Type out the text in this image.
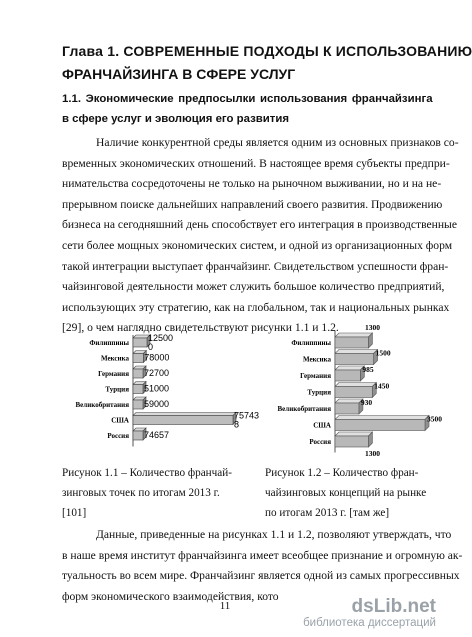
Глава 1. СОВРЕМЕННЫЕ ПОДХОДЫ К ИСПОЛЬЗОВАНИЮ
ФРАНЧАЙЗИНГА В СФЕРЕ УСЛУГ
1.1. Экономические предпосылки использования франчайзинга
в сфере услуг и эволюция его развития
Наличие конкурентной среды является одним из основных признаков со-
временных экономических отношений. В настоящее время субъекты предпри-
нимательства сосредоточены не только на рыночном выживании, но и на не-
прерывном поиске дальнейших направлений своего развития. Продвижению
бизнеса на сегодняшний день способствует его интеграция в производственные
сети более мощных экономических систем, и одной из организационных форм
такой интеграции выступает франчайзинг. Свидетельством успешности фран-
чайзинговой деятельности может служить большое количество предприятий,
использующих эту стратегию, как на глобальном, так и национальных рынках
[29], о чем наглядно свидетельствуют рисунки 1.1 и 1.2.
Филиппины 12500
0
Мексика 78000
Германия 72700
Турция 51000
Великобритания 59000
США	75743
8
Россия 74657
Филиппины
1300
Мексика
1500
Германия
985
Турция
1450
Великобритания
930
США
3500
Россия
1300
Рисунок 1.1 – Количество франчай-
зинговых точек по итогам 2013 г.
[101]
Рисунок 1.2 – Количество фран-
чайзинговых концепций на рынке
по итогам 2013 г. [там же]
Данные, приведенные на рисунках 1.1 и 1.2, позволяют утверждать, что
в наше время институт франчайзинга имеет всеобщее признание и огромную ак-
туальность во всем мире. Франчайзинг является одной из самых прогрессивных
форм экономического взаимодействия, кото
11	dsLib.net
библиотека диссертаций
